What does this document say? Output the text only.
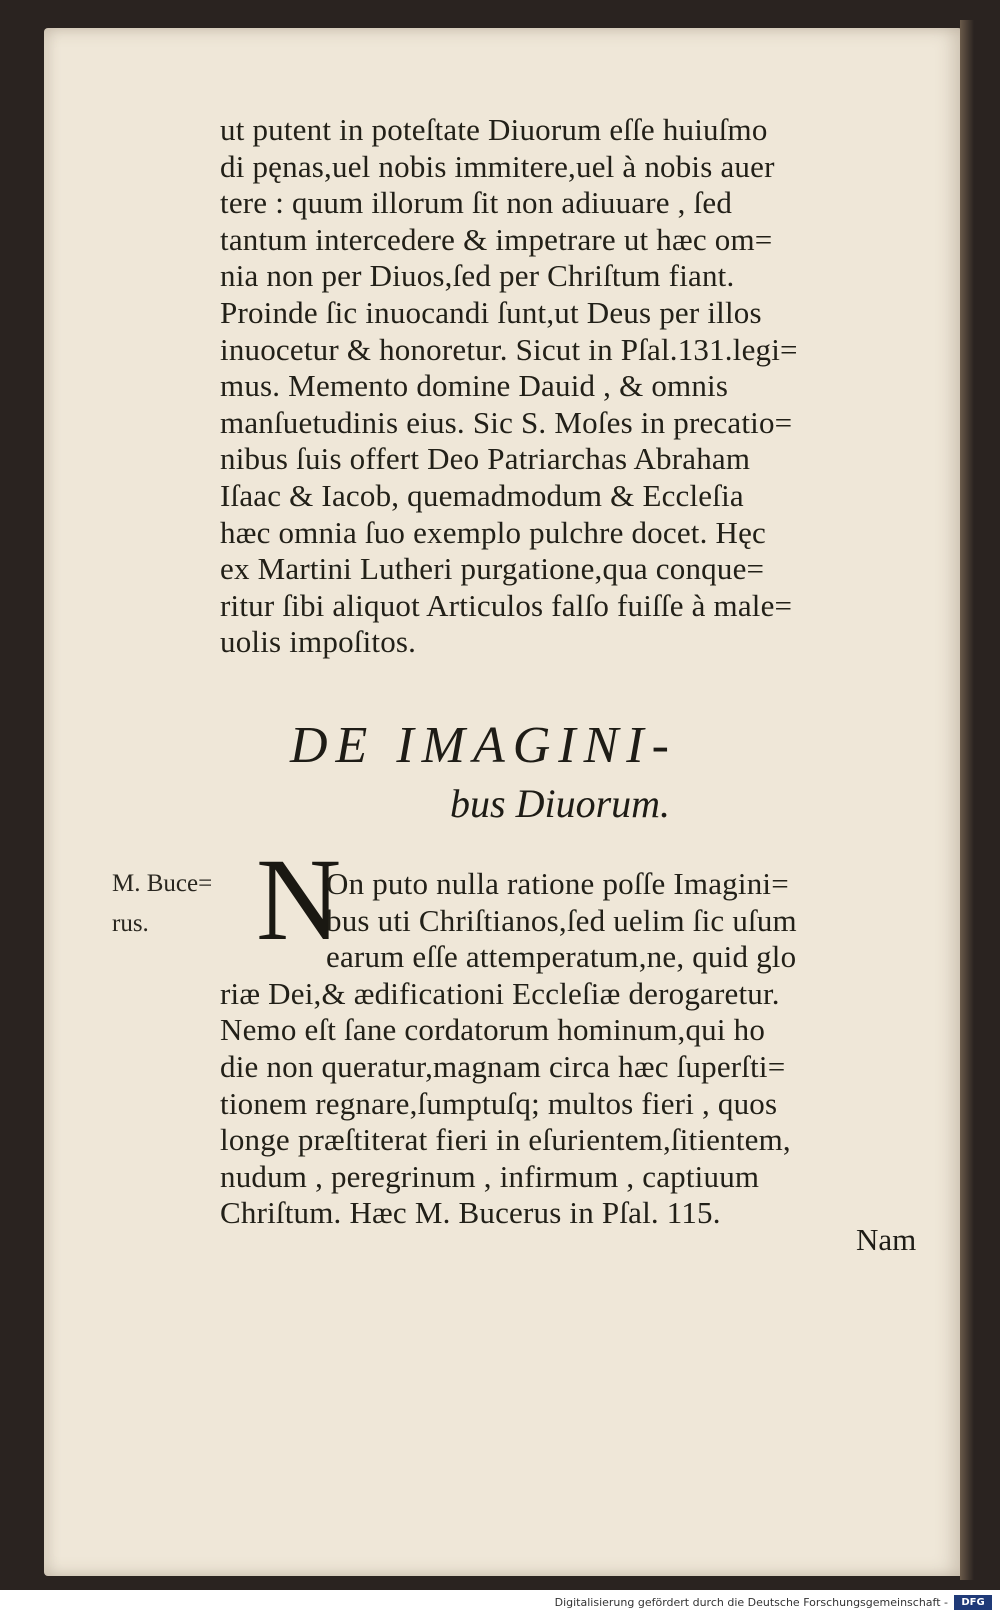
ut putent in poteſtate Diuorum eſſe huiuſmo
di pęnas,uel nobis immitere,uel à nobis auer
tere : quum illorum ſit non adiuuare , ſed
tantum intercedere & impetrare ut hæc om=
nia non per Diuos,ſed per Chriſtum fiant.
Proinde ſic inuocandi ſunt,ut Deus per illos
inuocetur & honoretur. Sicut in Pſal.131.legi=
mus. Memento domine Dauid , & omnis
manſuetudinis eius. Sic S. Moſes in precatio=
nibus ſuis offert Deo Patriarchas Abraham
Iſaac & Iacob, quemadmodum & Eccleſia
hæc omnia ſuo exemplo pulchre docet. Hęc
ex Martini Lutheri purgatione,qua conque=
ritur ſibi aliquot Articulos falſo fuiſſe à male=
uolis impoſitos.
DE IMAGINI-
bus Diuorum.
M. Buce=
rus. N
On puto nulla ratione poſſe Imagini=
bus uti Chriſtianos,ſed uelim ſic uſum
earum eſſe attemperatum,ne, quid glo
riæ Dei,& ædificationi Eccleſiæ derogaretur.
Nemo eſt ſane cordatorum hominum,qui ho
die non queratur,magnam circa hæc ſuperſti=
tionem regnare,ſumptuſq; multos fieri , quos
longe præſtiterat fieri in eſurientem,ſitientem,
nudum , peregrinum , infirmum , captiuum
Chriſtum. Hæc M. Bucerus in Pſal. 115.
Nam
Digitalisierung gefördert durch die Deutsche Forschungsgemeinschaft -	DFG
